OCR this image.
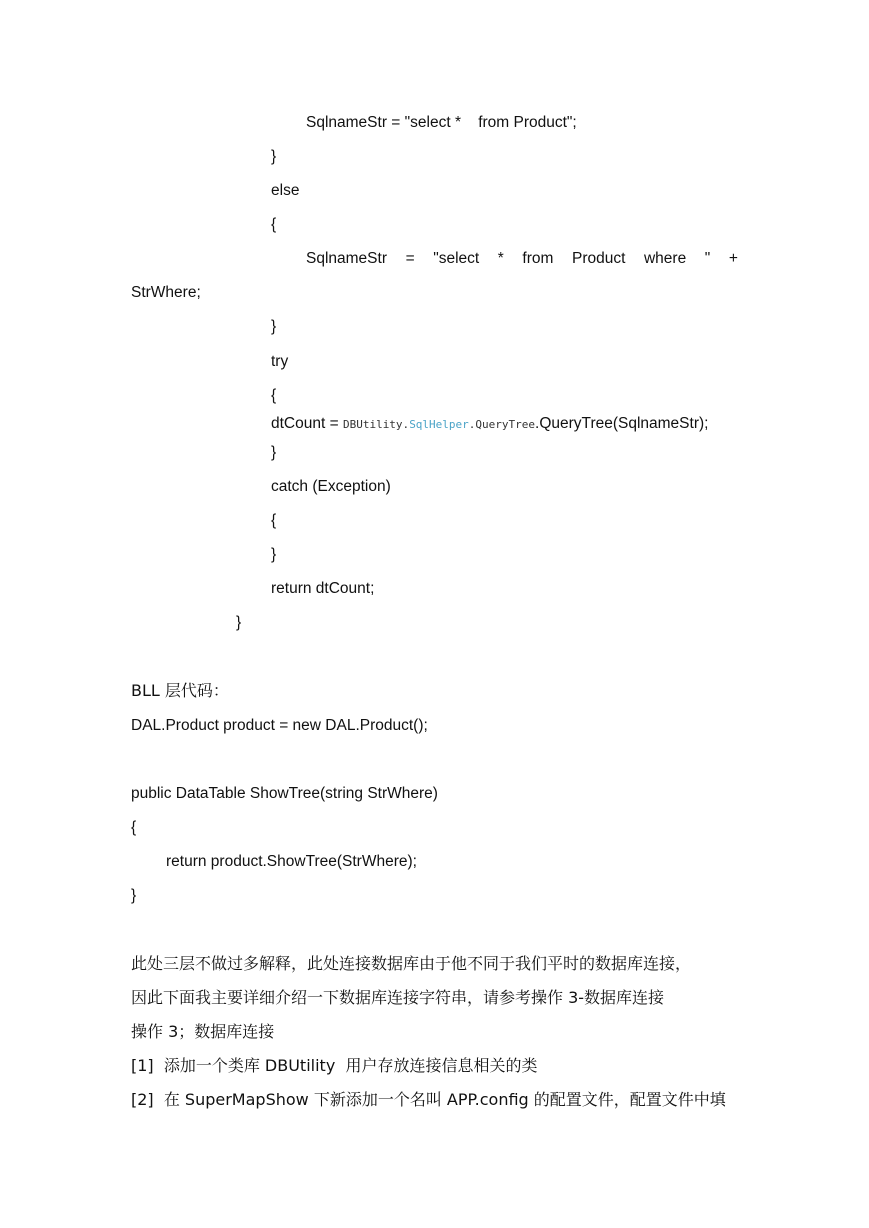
SqlnameStr = "select *    from Product";
}
else
{
SqlnameStr = "select * from Product where " +
StrWhere;
}
try
{
dtCount = DBUtility.SqlHelper.QueryTree.QueryTree(SqlnameStr);
}
catch (Exception)
{
}
return dtCount;
}
BLL 层代码：
DAL.Product product = new DAL.Product();
public DataTable ShowTree(string StrWhere)
{
return product.ShowTree(StrWhere);
}
此处三层不做过多解释，此处连接数据库由于他不同于我们平时的数据库连接，
因此下面我主要详细介绍一下数据库连接字符串，请参考操作 3-数据库连接
操作 3；数据库连接
[1]  添加一个类库 DBUtility  用户存放连接信息相关的类
[2]  在 SuperMapShow 下新添加一个名叫 APP.config 的配置文件，配置文件中填
